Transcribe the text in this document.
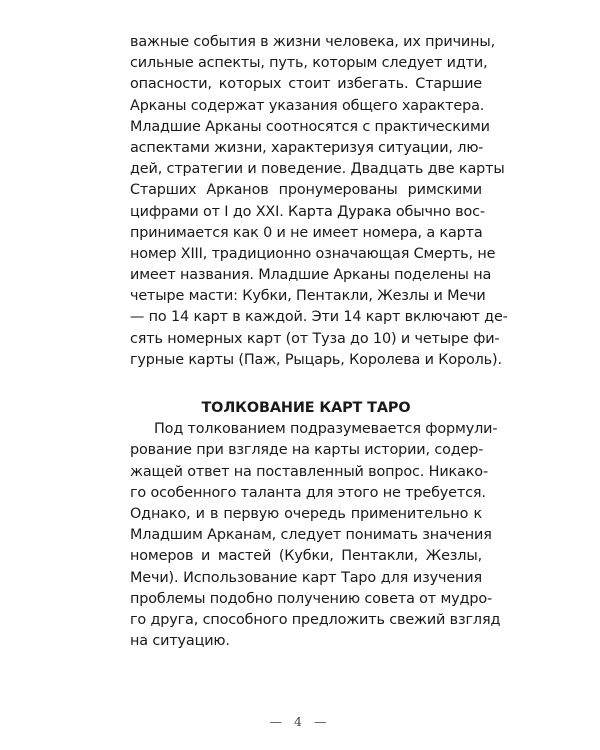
важные события в жизни человека, их причины,
сильные аспекты, путь, которым следует идти,
опасности, которых стоит избегать. Старшие
Арканы содержат указания общего характера.
Младшие Арканы соотносятся с практическими
аспектами жизни, характеризуя ситуации, лю-
дей, стратегии и поведение. Двадцать две карты
Старших Арканов пронумерованы римскими
цифрами от I до XXI. Карта Дурака обычно вос-
принимается как 0 и не имеет номера, а карта
номер XIII, традиционно означающая Смерть, не
имеет названия. Младшие Арканы поделены на
четыре масти: Кубки, Пентакли, Жезлы и Мечи
— по 14 карт в каждой. Эти 14 карт включают де-
сять номерных карт (от Туза до 10) и четыре фи-
гурные карты (Паж, Рыцарь, Королева и Король).
ТОЛКОВАНИЕ КАРТ ТАРО
Под толкованием подразумевается формули-
рование при взгляде на карты истории, содер-
жащей ответ на поставленный вопрос. Никако-
го особенного таланта для этого не требуется.
Однако, и в первую очередь применительно к
Младшим Арканам, следует понимать значения
номеров и мастей (Кубки, Пентакли, Жезлы,
Мечи). Использование карт Таро для изучения
проблемы подобно получению совета от мудро-
го друга, способного предложить свежий взгляд
на ситуацию.
— 4 —
